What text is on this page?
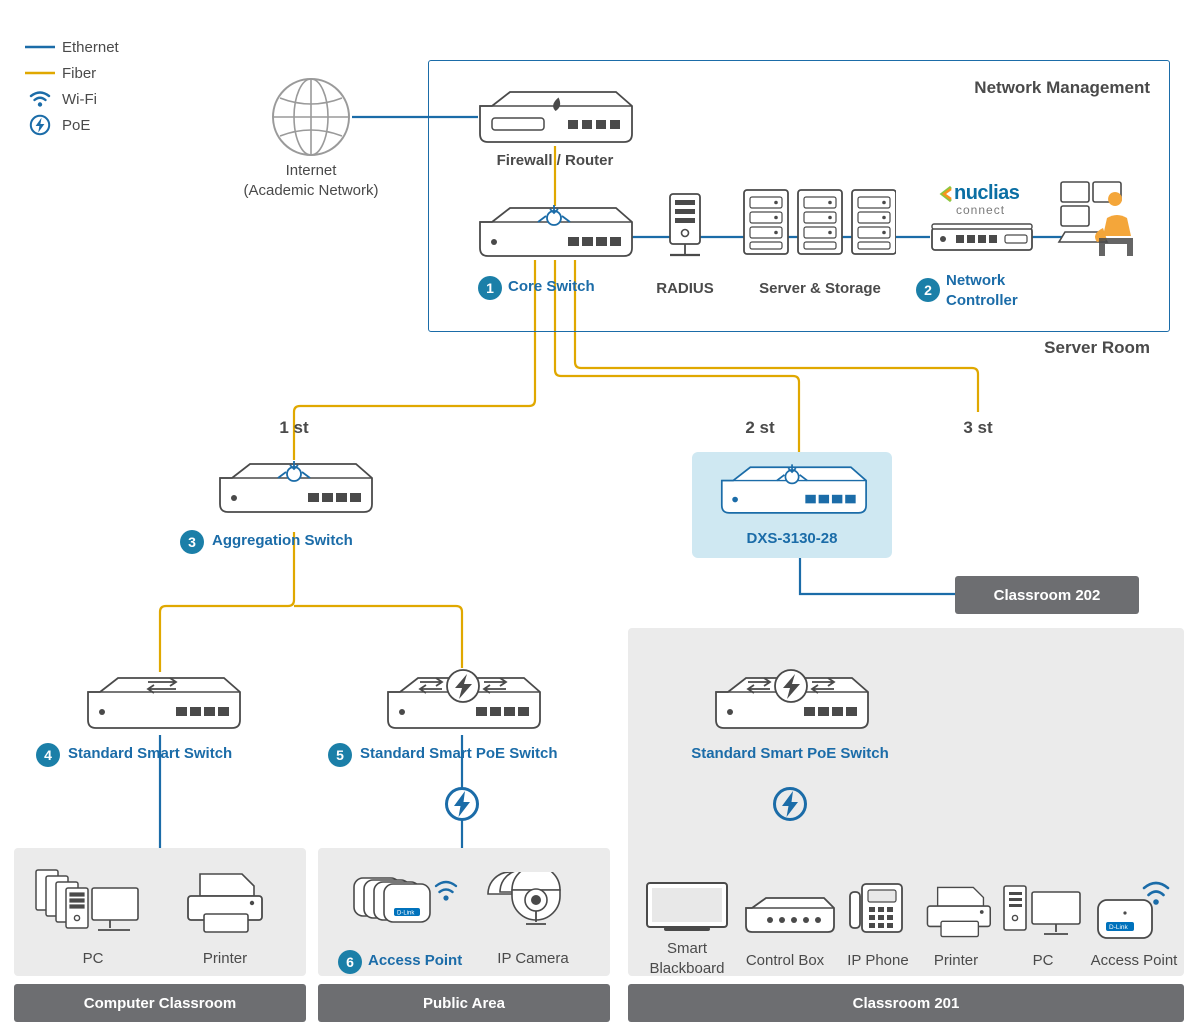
Ethernet
Fiber
Wi-Fi
PoE
Network Management
Server Room
Internet
(Academic Network)
Firewall / Router
1 Core Switch	RADIUS	Server & Storage
nuclias
connect
2
Network
Controller
1 st	2 st	3 st
3	Aggregation Switch	DXS-3130-28
Classroom 202
Classroom 201
Computer Classroom	Public Area
4	Standard Smart Switch	5	Standard Smart PoE Switch	Standard Smart PoE Switch
PC	Printer
D-Link
6 Access Point	IP Camera
Smart
Blackboard	Control Box	IP Phone	Printer	PC
D-Link
Access Point
